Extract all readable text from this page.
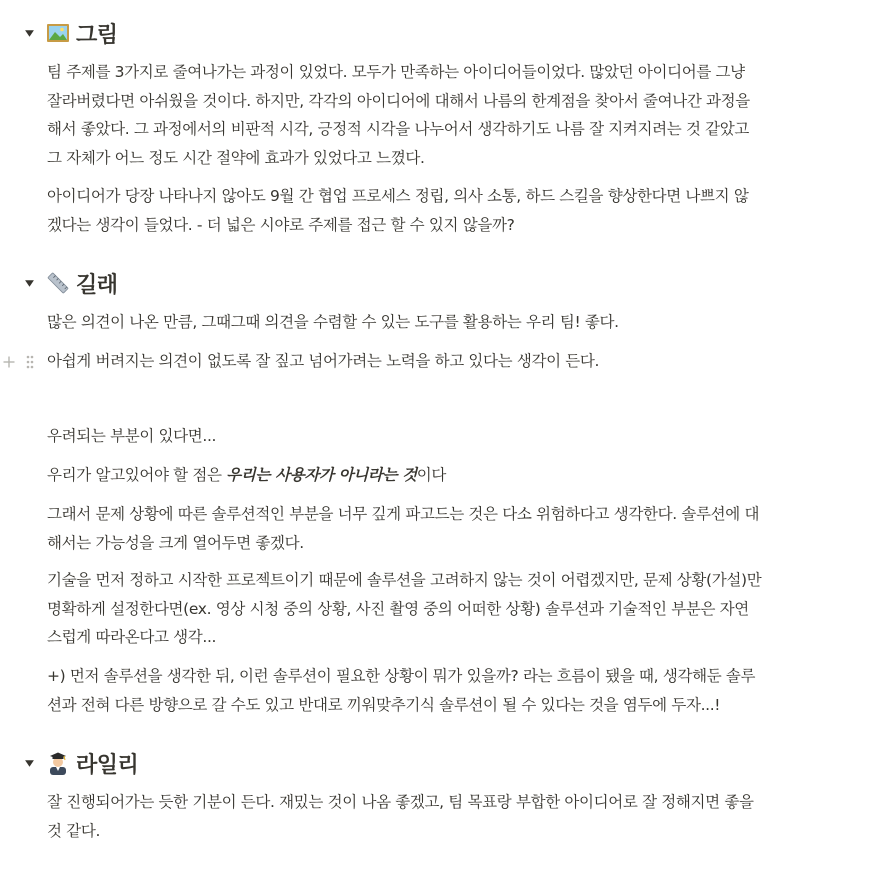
그림
팀 주제를 3가지로 줄여나가는 과정이 있었다. 모두가 만족하는 아이디어들이었다. 많았던 아이디어를 그냥
잘라버렸다면 아쉬웠을 것이다. 하지만, 각각의 아이디어에 대해서 나름의 한계점을 찾아서 줄여나간 과정을
해서 좋았다. 그 과정에서의 비판적 시각, 긍정적 시각을 나누어서 생각하기도 나름 잘 지켜지려는 것 같았고
그 자체가 어느 정도 시간 절약에 효과가 있었다고 느꼈다.
아이디어가 당장 나타나지 않아도 9월 간 협업 프로세스 정립, 의사 소통, 하드 스킬을 향상한다면 나쁘지 않
겠다는 생각이 들었다. - 더 넓은 시야로 주제를 접근 할 수 있지 않을까?
길래
많은 의견이 나온 만큼, 그때그때 의견을 수렴할 수 있는 도구를 활용하는 우리 팀! 좋다.
아쉽게 버려지는 의견이 없도록 잘 짚고 넘어가려는 노력을 하고 있다는 생각이 든다.
우려되는 부분이 있다면...
우리가 알고있어야 할 점은 우리는 사용자가 아니라는 것이다
그래서 문제 상황에 따른 솔루션적인 부분을 너무 깊게 파고드는 것은 다소 위험하다고 생각한다. 솔루션에 대
해서는 가능성을 크게 열어두면 좋겠다.
기술을 먼저 정하고 시작한 프로젝트이기 때문에 솔루션을 고려하지 않는 것이 어렵겠지만, 문제 상황(가설)만
명확하게 설정한다면(ex. 영상 시청 중의 상황, 사진 촬영 중의 어떠한 상황) 솔루션과 기술적인 부분은 자연
스럽게 따라온다고 생각...
+) 먼저 솔루션을 생각한 뒤, 이런 솔루션이 필요한 상황이 뭐가 있을까? 라는 흐름이 됐을 때, 생각해둔 솔루
션과 전혀 다른 방향으로 갈 수도 있고 반대로 끼워맞추기식 솔루션이 될 수 있다는 것을 염두에 두자...!
라일리
잘 진행되어가는 듯한 기분이 든다. 재밌는 것이 나옴 좋겠고, 팀 목표랑 부합한 아이디어로 잘 정해지면 좋을
것 같다.
